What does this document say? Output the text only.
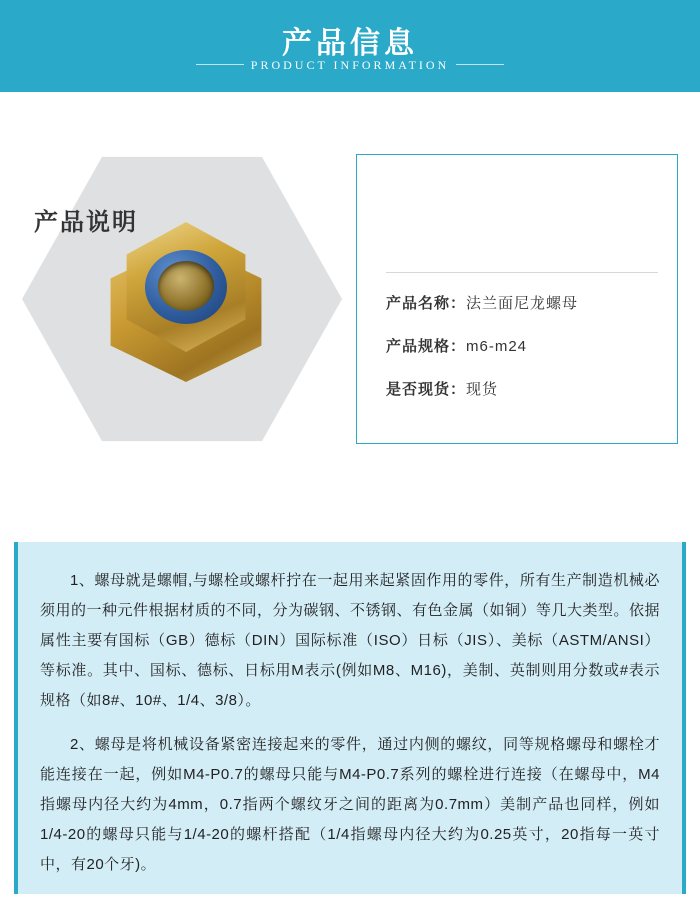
产品信息
PRODUCT INFORMATION
产品说明
产品名称：法兰面尼龙螺母
产品规格：m6-m24
是否现货：现货

1、螺母就是螺帽,与螺栓或螺杆拧在一起用来起紧固作用的零件，所有生产制造机械必须用的一种元件根据材质的不同，分为碳钢、不锈钢、有色金属（如铜）等几大类型。依据属性主要有国标（GB）德标（DIN）国际标准（ISO）日标（JIS）、美标（ASTM/ANSI）等标准。其中、国标、德标、日标用M表示(例如M8、M16)，美制、英制则用分数或#表示规格（如8#、10#、1/4、3/8）。

2、螺母是将机械设备紧密连接起来的零件，通过内侧的螺纹，同等规格螺母和螺栓才能连接在一起，例如M4-P0.7的螺母只能与M4-P0.7系列的螺栓进行连接（在螺母中，M4指螺母内径大约为4mm，0.7指两个螺纹牙之间的距离为0.7mm）美制产品也同样，例如1/4-20的螺母只能与1/4-20的螺杆搭配（1/4指螺母内径大约为0.25英寸，20指每一英寸中，有20个牙)。
